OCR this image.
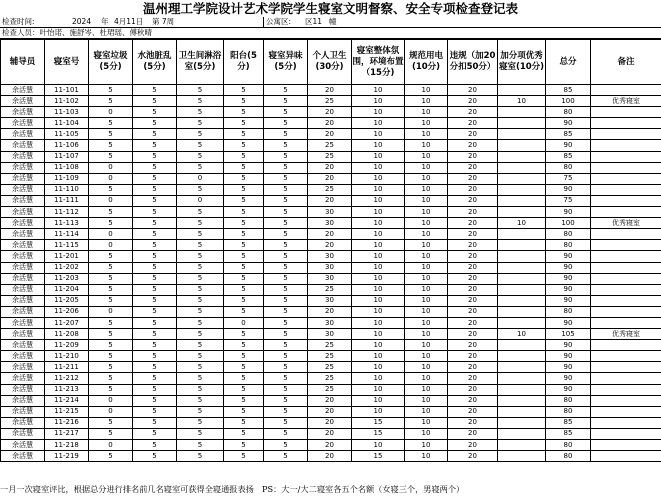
温州理工学院设计艺术学院学生寝室文明督察、安全专项检查登记表
检查时间:	2024 年 4月11日 第 7周	公寓区: 区11 幢
检查人员：叶怡诺、施舒岑、杜珺瑶、傅秋晴
辅导员	寝室号	寝室垃圾(5分)	水池脏乱(5分)	卫生间淋浴室(5分)	阳台(5分)	寝室异味(5分)	个人卫生(30分)	寝室整体氛围，环境布置（15分)	规范用电(10分)	违规（加20分扣50分）	加分项优秀寝室(10分)	总分	备注
余活慧	11-101	5	5	5	5	5	20	10	10	20		85	
余活慧	11-102	5	5	5	5	5	25	10	10	20	10	100	优秀寝室
余活慧	11-103	0	5	5	5	5	20	10	10	20		80	
余活慧	11-104	5	5	5	5	5	20	10	10	20		90	
余活慧	11-105	5	5	5	5	5	20	10	10	20		85	
余活慧	11-106	5	5	5	5	5	25	10	10	20		90	
余活慧	11-107	5	5	5	5	5	25	10	10	20		85	
余活慧	11-108	0	5	5	5	5	20	10	10	20		80	
余活慧	11-109	0	5	0	5	5	20	10	10	20		75	
余活慧	11-110	5	5	5	5	5	25	10	10	20		90	
余活慧	11-111	0	5	0	5	5	20	10	10	20		75	
余活慧	11-112	5	5	5	5	5	30	10	10	20		90	
余活慧	11-113	5	5	5	5	5	30	10	10	20	10	100	优秀寝室
余活慧	11-114	0	5	5	5	5	20	10	10	20		80	
余活慧	11-115	0	5	5	5	5	20	10	10	20		80	
余活慧	11-201	5	5	5	5	5	30	10	10	20		90	
余活慧	11-202	5	5	5	5	5	30	10	10	20		90	
余活慧	11-203	5	5	5	5	5	30	10	10	20		90	
余活慧	11-204	5	5	5	5	5	25	10	10	20		90	
余活慧	11-205	5	5	5	5	5	30	10	10	20		90	
余活慧	11-206	0	5	5	5	5	20	10	10	20		80	
余活慧	11-207	5	5	5	0	5	30	10	10	20		90	
余活慧	11-208	5	5	5	5	5	30	10	10	20	10	105	优秀寝室
余活慧	11-209	5	5	5	5	5	25	10	10	20		90	
余活慧	11-210	5	5	5	5	5	25	10	10	20		90	
余活慧	11-211	5	5	5	5	5	25	10	10	20		90	
余活慧	11-212	5	5	5	5	5	25	10	10	20		90	
余活慧	11-213	5	5	5	5	5	25	10	10	20		90	
余活慧	11-214	0	5	5	5	5	20	10	10	20		80	
余活慧	11-215	0	5	5	5	5	20	10	10	20		80	
余活慧	11-216	5	5	5	5	5	20	15	10	20		85	
余活慧	11-217	5	5	5	5	5	20	15	10	20		85	
余活慧	11-218	0	5	5	5	5	20	10	10	20		80	
余活慧	11-219	5	5	5	5	5	20	15	10	20		80	
一月一次寝室评比，根据总分进行排名前几名寝室可获得全寝通报表扬　PS：大一/大二寝室各五个名额（女寝三个，男寝两个）
